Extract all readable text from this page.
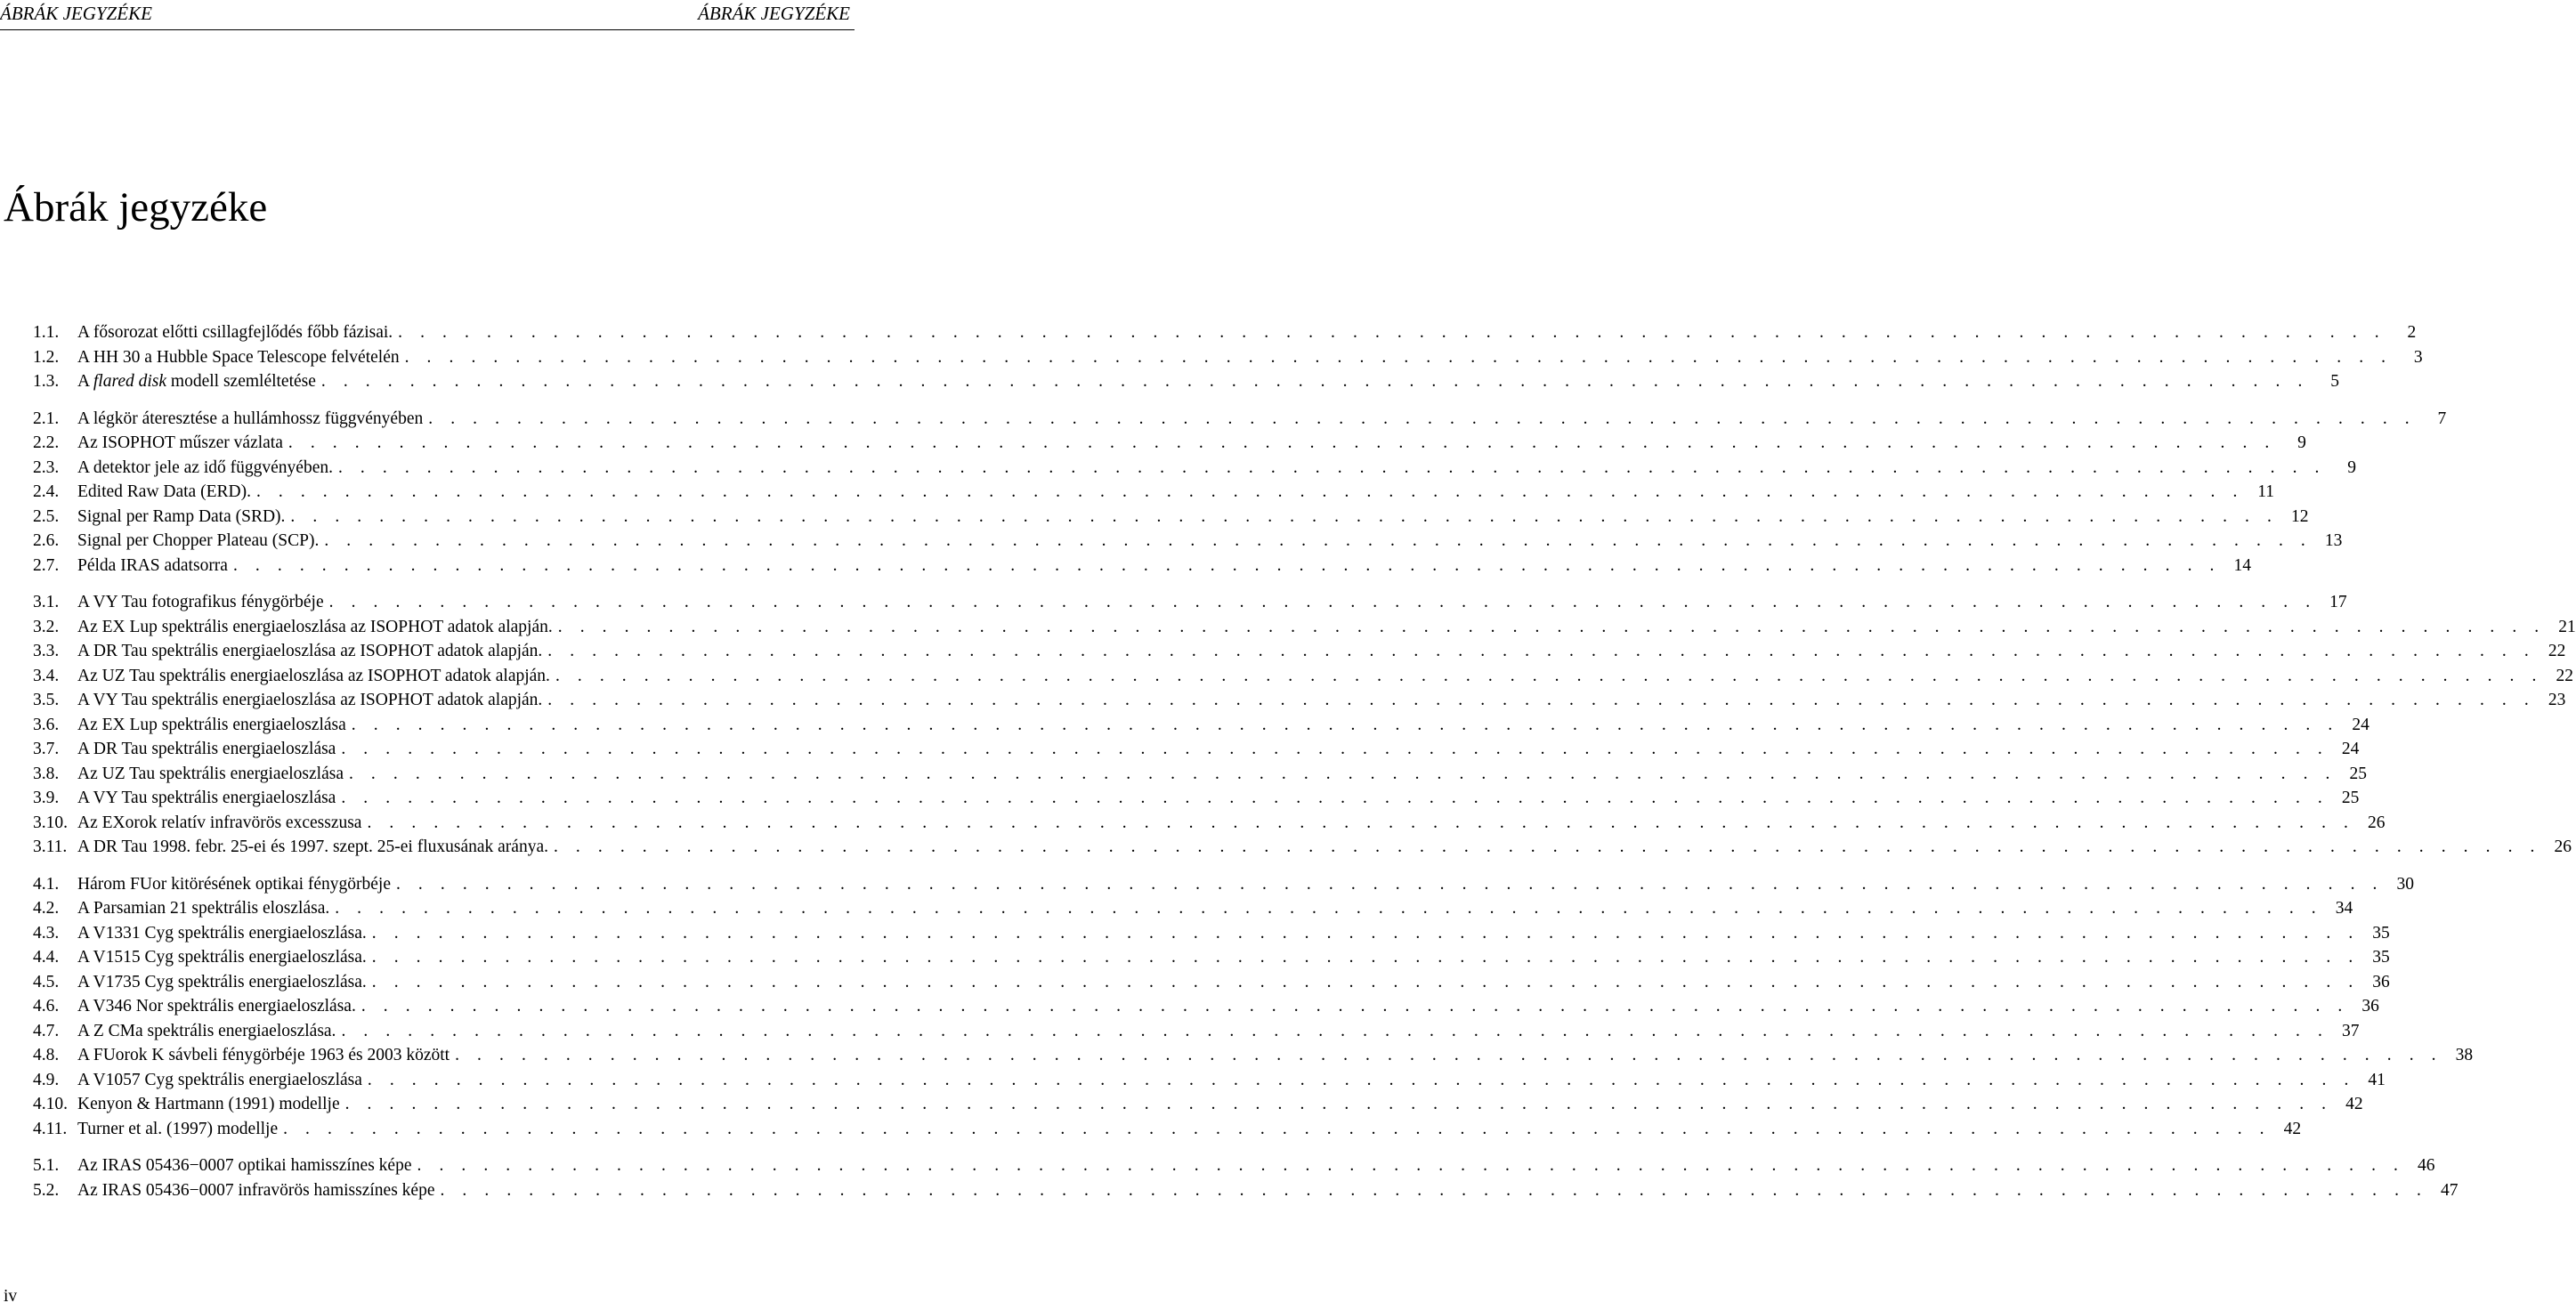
ÁBRÁK JEGYZÉKE	ÁBRÁK JEGYZÉKE
Ábrák jegyzéke
1.1.	A fősorozat előtti csillagfejlődés főbb fázisai. . . . . . . . . . . . . . . . . . . . . . . . . . . . . . . . . . . . . . . . . . . . . . . . . . . . . . . . . . . . . . . . . . . . . . . . . . . . . . . . . . . . . . . . . . .	2
1.2.	A HH 30 a Hubble Space Telescope felvételén . . . . . . . . . . . . . . . . . . . . . . . . . . . . . . . . . . . . . . . . . . . . . . . . . . . . . . . . . . . . . . . . . . . . . . . . . . . . . . . . . . . . . . . . . .	3
1.3.	A flared disk modell szemléltetése . . . . . . . . . . . . . . . . . . . . . . . . . . . . . . . . . . . . . . . . . . . . . . . . . . . . . . . . . . . . . . . . . . . . . . . . . . . . . . . . . . . . . . . . . .	5
2.1.	A légkör áteresztése a hullámhossz függvényében . . . . . . . . . . . . . . . . . . . . . . . . . . . . . . . . . . . . . . . . . . . . . . . . . . . . . . . . . . . . . . . . . . . . . . . . . . . . . . . . . . . . . . . . . .	7
2.2.	Az ISOPHOT műszer vázlata . . . . . . . . . . . . . . . . . . . . . . . . . . . . . . . . . . . . . . . . . . . . . . . . . . . . . . . . . . . . . . . . . . . . . . . . . . . . . . . . . . . . . . . . . .	9
2.3.	A detektor jele az idő függvényében. . . . . . . . . . . . . . . . . . . . . . . . . . . . . . . . . . . . . . . . . . . . . . . . . . . . . . . . . . . . . . . . . . . . . . . . . . . . . . . . . . . . . . . . . . .	9
2.4.	Edited Raw Data (ERD). . . . . . . . . . . . . . . . . . . . . . . . . . . . . . . . . . . . . . . . . . . . . . . . . . . . . . . . . . . . . . . . . . . . . . . . . . . . . . . . . . . . . . . . . . . 11
2.5.	Signal per Ramp Data (SRD). . . . . . . . . . . . . . . . . . . . . . . . . . . . . . . . . . . . . . . . . . . . . . . . . . . . . . . . . . . . . . . . . . . . . . . . . . . . . . . . . . . . . . . . . . . 12
2.6.	Signal per Chopper Plateau (SCP). . . . . . . . . . . . . . . . . . . . . . . . . . . . . . . . . . . . . . . . . . . . . . . . . . . . . . . . . . . . . . . . . . . . . . . . . . . . . . . . . . . . . . . . . . . 13
2.7.	Példa IRAS adatsorra . . . . . . . . . . . . . . . . . . . . . . . . . . . . . . . . . . . . . . . . . . . . . . . . . . . . . . . . . . . . . . . . . . . . . . . . . . . . . . . . . . . . . . . . . . 14
3.1.	A VY Tau fotografikus fénygörbéje . . . . . . . . . . . . . . . . . . . . . . . . . . . . . . . . . . . . . . . . . . . . . . . . . . . . . . . . . . . . . . . . . . . . . . . . . . . . . . . . . . . . . . . . . . 17
3.2.	Az EX Lup spektrális energiaeloszlása az ISOPHOT adatok alapján. . . . . . . . . . . . . . . . . . . . . . . . . . . . . . . . . . . . . . . . . . . . . . . . . . . . . . . . . . . . . . . . . . . . . . . . . . . . . . . . . . . . . . . . . . . 21
3.3.	A DR Tau spektrális energiaeloszlása az ISOPHOT adatok alapján. . . . . . . . . . . . . . . . . . . . . . . . . . . . . . . . . . . . . . . . . . . . . . . . . . . . . . . . . . . . . . . . . . . . . . . . . . . . . . . . . . . . . . . . . . . 22
3.4.	Az UZ Tau spektrális energiaeloszlása az ISOPHOT adatok alapján. . . . . . . . . . . . . . . . . . . . . . . . . . . . . . . . . . . . . . . . . . . . . . . . . . . . . . . . . . . . . . . . . . . . . . . . . . . . . . . . . . . . . . . . . . . 22
3.5.	A VY Tau spektrális energiaeloszlása az ISOPHOT adatok alapján. . . . . . . . . . . . . . . . . . . . . . . . . . . . . . . . . . . . . . . . . . . . . . . . . . . . . . . . . . . . . . . . . . . . . . . . . . . . . . . . . . . . . . . . . . . 23
3.6.	Az EX Lup spektrális energiaeloszlása . . . . . . . . . . . . . . . . . . . . . . . . . . . . . . . . . . . . . . . . . . . . . . . . . . . . . . . . . . . . . . . . . . . . . . . . . . . . . . . . . . . . . . . . . . 24
3.7.	A DR Tau spektrális energiaeloszlása . . . . . . . . . . . . . . . . . . . . . . . . . . . . . . . . . . . . . . . . . . . . . . . . . . . . . . . . . . . . . . . . . . . . . . . . . . . . . . . . . . . . . . . . . . 24
3.8.	Az UZ Tau spektrális energiaeloszlása . . . . . . . . . . . . . . . . . . . . . . . . . . . . . . . . . . . . . . . . . . . . . . . . . . . . . . . . . . . . . . . . . . . . . . . . . . . . . . . . . . . . . . . . . . 25
3.9.	A VY Tau spektrális energiaeloszlása . . . . . . . . . . . . . . . . . . . . . . . . . . . . . . . . . . . . . . . . . . . . . . . . . . . . . . . . . . . . . . . . . . . . . . . . . . . . . . . . . . . . . . . . . . 25
3.10. Az EXorok relatív infravörös excesszusa . . . . . . . . . . . . . . . . . . . . . . . . . . . . . . . . . . . . . . . . . . . . . . . . . . . . . . . . . . . . . . . . . . . . . . . . . . . . . . . . . . . . . . . . . . 26
3.11. A DR Tau 1998. febr. 25-ei és 1997. szept. 25-ei fluxusának aránya. . . . . . . . . . . . . . . . . . . . . . . . . . . . . . . . . . . . . . . . . . . . . . . . . . . . . . . . . . . . . . . . . . . . . . . . . . . . . . . . . . . . . . . . . . . 26
4.1.	Három FUor kitörésének optikai fénygörbéje . . . . . . . . . . . . . . . . . . . . . . . . . . . . . . . . . . . . . . . . . . . . . . . . . . . . . . . . . . . . . . . . . . . . . . . . . . . . . . . . . . . . . . . . . . 30
4.2.	A Parsamian 21 spektrális eloszlása. . . . . . . . . . . . . . . . . . . . . . . . . . . . . . . . . . . . . . . . . . . . . . . . . . . . . . . . . . . . . . . . . . . . . . . . . . . . . . . . . . . . . . . . . . . 34
4.3.	A V1331 Cyg spektrális energiaeloszlása. . . . . . . . . . . . . . . . . . . . . . . . . . . . . . . . . . . . . . . . . . . . . . . . . . . . . . . . . . . . . . . . . . . . . . . . . . . . . . . . . . . . . . . . . . . 35
4.4.	A V1515 Cyg spektrális energiaeloszlása. . . . . . . . . . . . . . . . . . . . . . . . . . . . . . . . . . . . . . . . . . . . . . . . . . . . . . . . . . . . . . . . . . . . . . . . . . . . . . . . . . . . . . . . . . . 35
4.5.	A V1735 Cyg spektrális energiaeloszlása. . . . . . . . . . . . . . . . . . . . . . . . . . . . . . . . . . . . . . . . . . . . . . . . . . . . . . . . . . . . . . . . . . . . . . . . . . . . . . . . . . . . . . . . . . . 36
4.6.	A V346 Nor spektrális energiaeloszlása. . . . . . . . . . . . . . . . . . . . . . . . . . . . . . . . . . . . . . . . . . . . . . . . . . . . . . . . . . . . . . . . . . . . . . . . . . . . . . . . . . . . . . . . . . . 36
4.7.	A Z CMa spektrális energiaeloszlása. . . . . . . . . . . . . . . . . . . . . . . . . . . . . . . . . . . . . . . . . . . . . . . . . . . . . . . . . . . . . . . . . . . . . . . . . . . . . . . . . . . . . . . . . . . 37
4.8.	A FUorok K sávbeli fénygörbéje 1963 és 2003 között . . . . . . . . . . . . . . . . . . . . . . . . . . . . . . . . . . . . . . . . . . . . . . . . . . . . . . . . . . . . . . . . . . . . . . . . . . . . . . . . . . . . . . . . . . 38
4.9.	A V1057 Cyg spektrális energiaeloszlása . . . . . . . . . . . . . . . . . . . . . . . . . . . . . . . . . . . . . . . . . . . . . . . . . . . . . . . . . . . . . . . . . . . . . . . . . . . . . . . . . . . . . . . . . . 41
4.10. Kenyon & Hartmann (1991) modellje . . . . . . . . . . . . . . . . . . . . . . . . . . . . . . . . . . . . . . . . . . . . . . . . . . . . . . . . . . . . . . . . . . . . . . . . . . . . . . . . . . . . . . . . . . 42
4.11. Turner et al. (1997) modellje . . . . . . . . . . . . . . . . . . . . . . . . . . . . . . . . . . . . . . . . . . . . . . . . . . . . . . . . . . . . . . . . . . . . . . . . . . . . . . . . . . . . . . . . . . 42
5.1.	Az IRAS 05436−0007 optikai hamisszínes képe . . . . . . . . . . . . . . . . . . . . . . . . . . . . . . . . . . . . . . . . . . . . . . . . . . . . . . . . . . . . . . . . . . . . . . . . . . . . . . . . . . . . . . . . . . 46
5.2.	Az IRAS 05436−0007 infravörös hamisszínes képe . . . . . . . . . . . . . . . . . . . . . . . . . . . . . . . . . . . . . . . . . . . . . . . . . . . . . . . . . . . . . . . . . . . . . . . . . . . . . . . . . . . . . . . . . . 47
iv
